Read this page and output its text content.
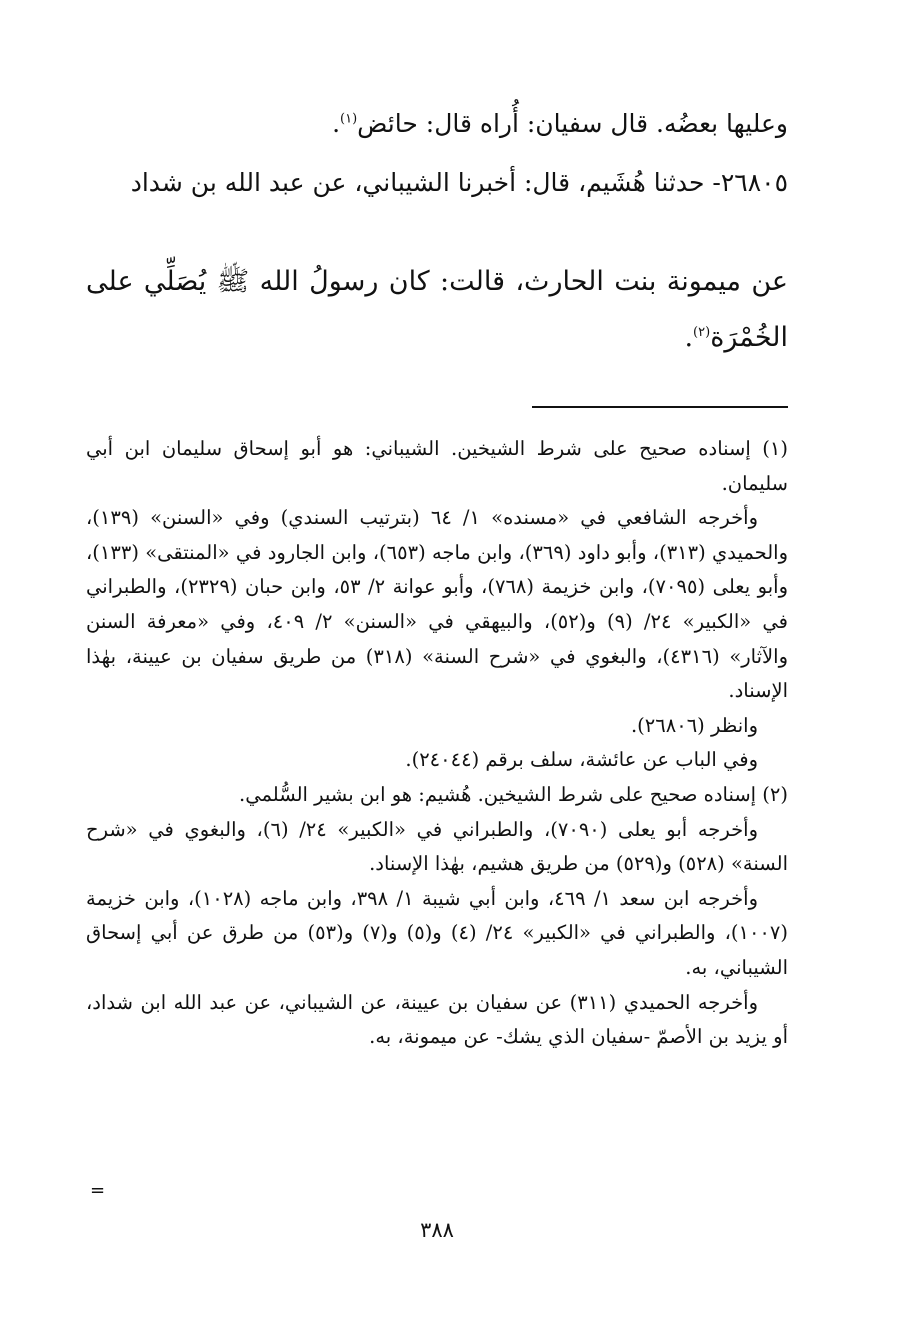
وعليها بعضُه. قال سفيان: أُراه قال: حائض$^{(١)}$.
٢٦٨٠٥- حدثنا هُشَيم، قال: أخبرنا الشيباني، عن عبد الله بن شداد
عن ميمونة بنت الحارث، قالت: كان رسولُ الله ﷺ يُصَلِّي على الخُمْرَة$^{(٢)}$.

(١) إسناده صحيح على شرط الشيخين. الشيباني: هو أبو إسحاق سليمان ابن أبي سليمان.

وأخرجه الشافعي في «مسنده» ١/ ٦٤ (بترتيب السندي) وفي «السنن» (١٣٩)، والحميدي (٣١٣)، وأبو داود (٣٦٩)، وابن ماجه (٦٥٣)، وابن الجارود في «المنتقى» (١٣٣)، وأبو يعلى (٧٠٩٥)، وابن خزيمة (٧٦٨)، وأبو عوانة ٢/ ٥٣، وابن حبان (٢٣٢٩)، والطبراني في «الكبير» ٢٤/ (٩) و(٥٢)، والبيهقي في «السنن» ٢/ ٤٠٩، وفي «معرفة السنن والآثار» (٤٣١٦)، والبغوي في «شرح السنة» (٣١٨) من طريق سفيان بن عيينة، بهٰذا الإسناد.

وانظر (٢٦٨٠٦).

وفي الباب عن عائشة، سلف برقم (٢٤٠٤٤).

(٢) إسناده صحيح على شرط الشيخين. هُشيم: هو ابن بشير السُّلمي.

وأخرجه أبو يعلى (٧٠٩٠)، والطبراني في «الكبير» ٢٤/ (٦)، والبغوي في «شرح السنة» (٥٢٨) و(٥٢٩) من طريق هشيم، بهٰذا الإسناد.

وأخرجه ابن سعد ١/ ٤٦٩، وابن أبي شيبة ١/ ٣٩٨، وابن ماجه (١٠٢٨)، وابن خزيمة (١٠٠٧)، والطبراني في «الكبير» ٢٤/ (٤) و(٥) و(٧) و(٥٣) من طرق عن أبي إسحاق الشيباني، به.

وأخرجه الحميدي (٣١١) عن سفيان بن عيينة، عن الشيباني، عن عبد الله ابن شداد، أو يزيد بن الأصمّ -سفيان الذي يشك- عن ميمونة، به.

=
٣٨٨
